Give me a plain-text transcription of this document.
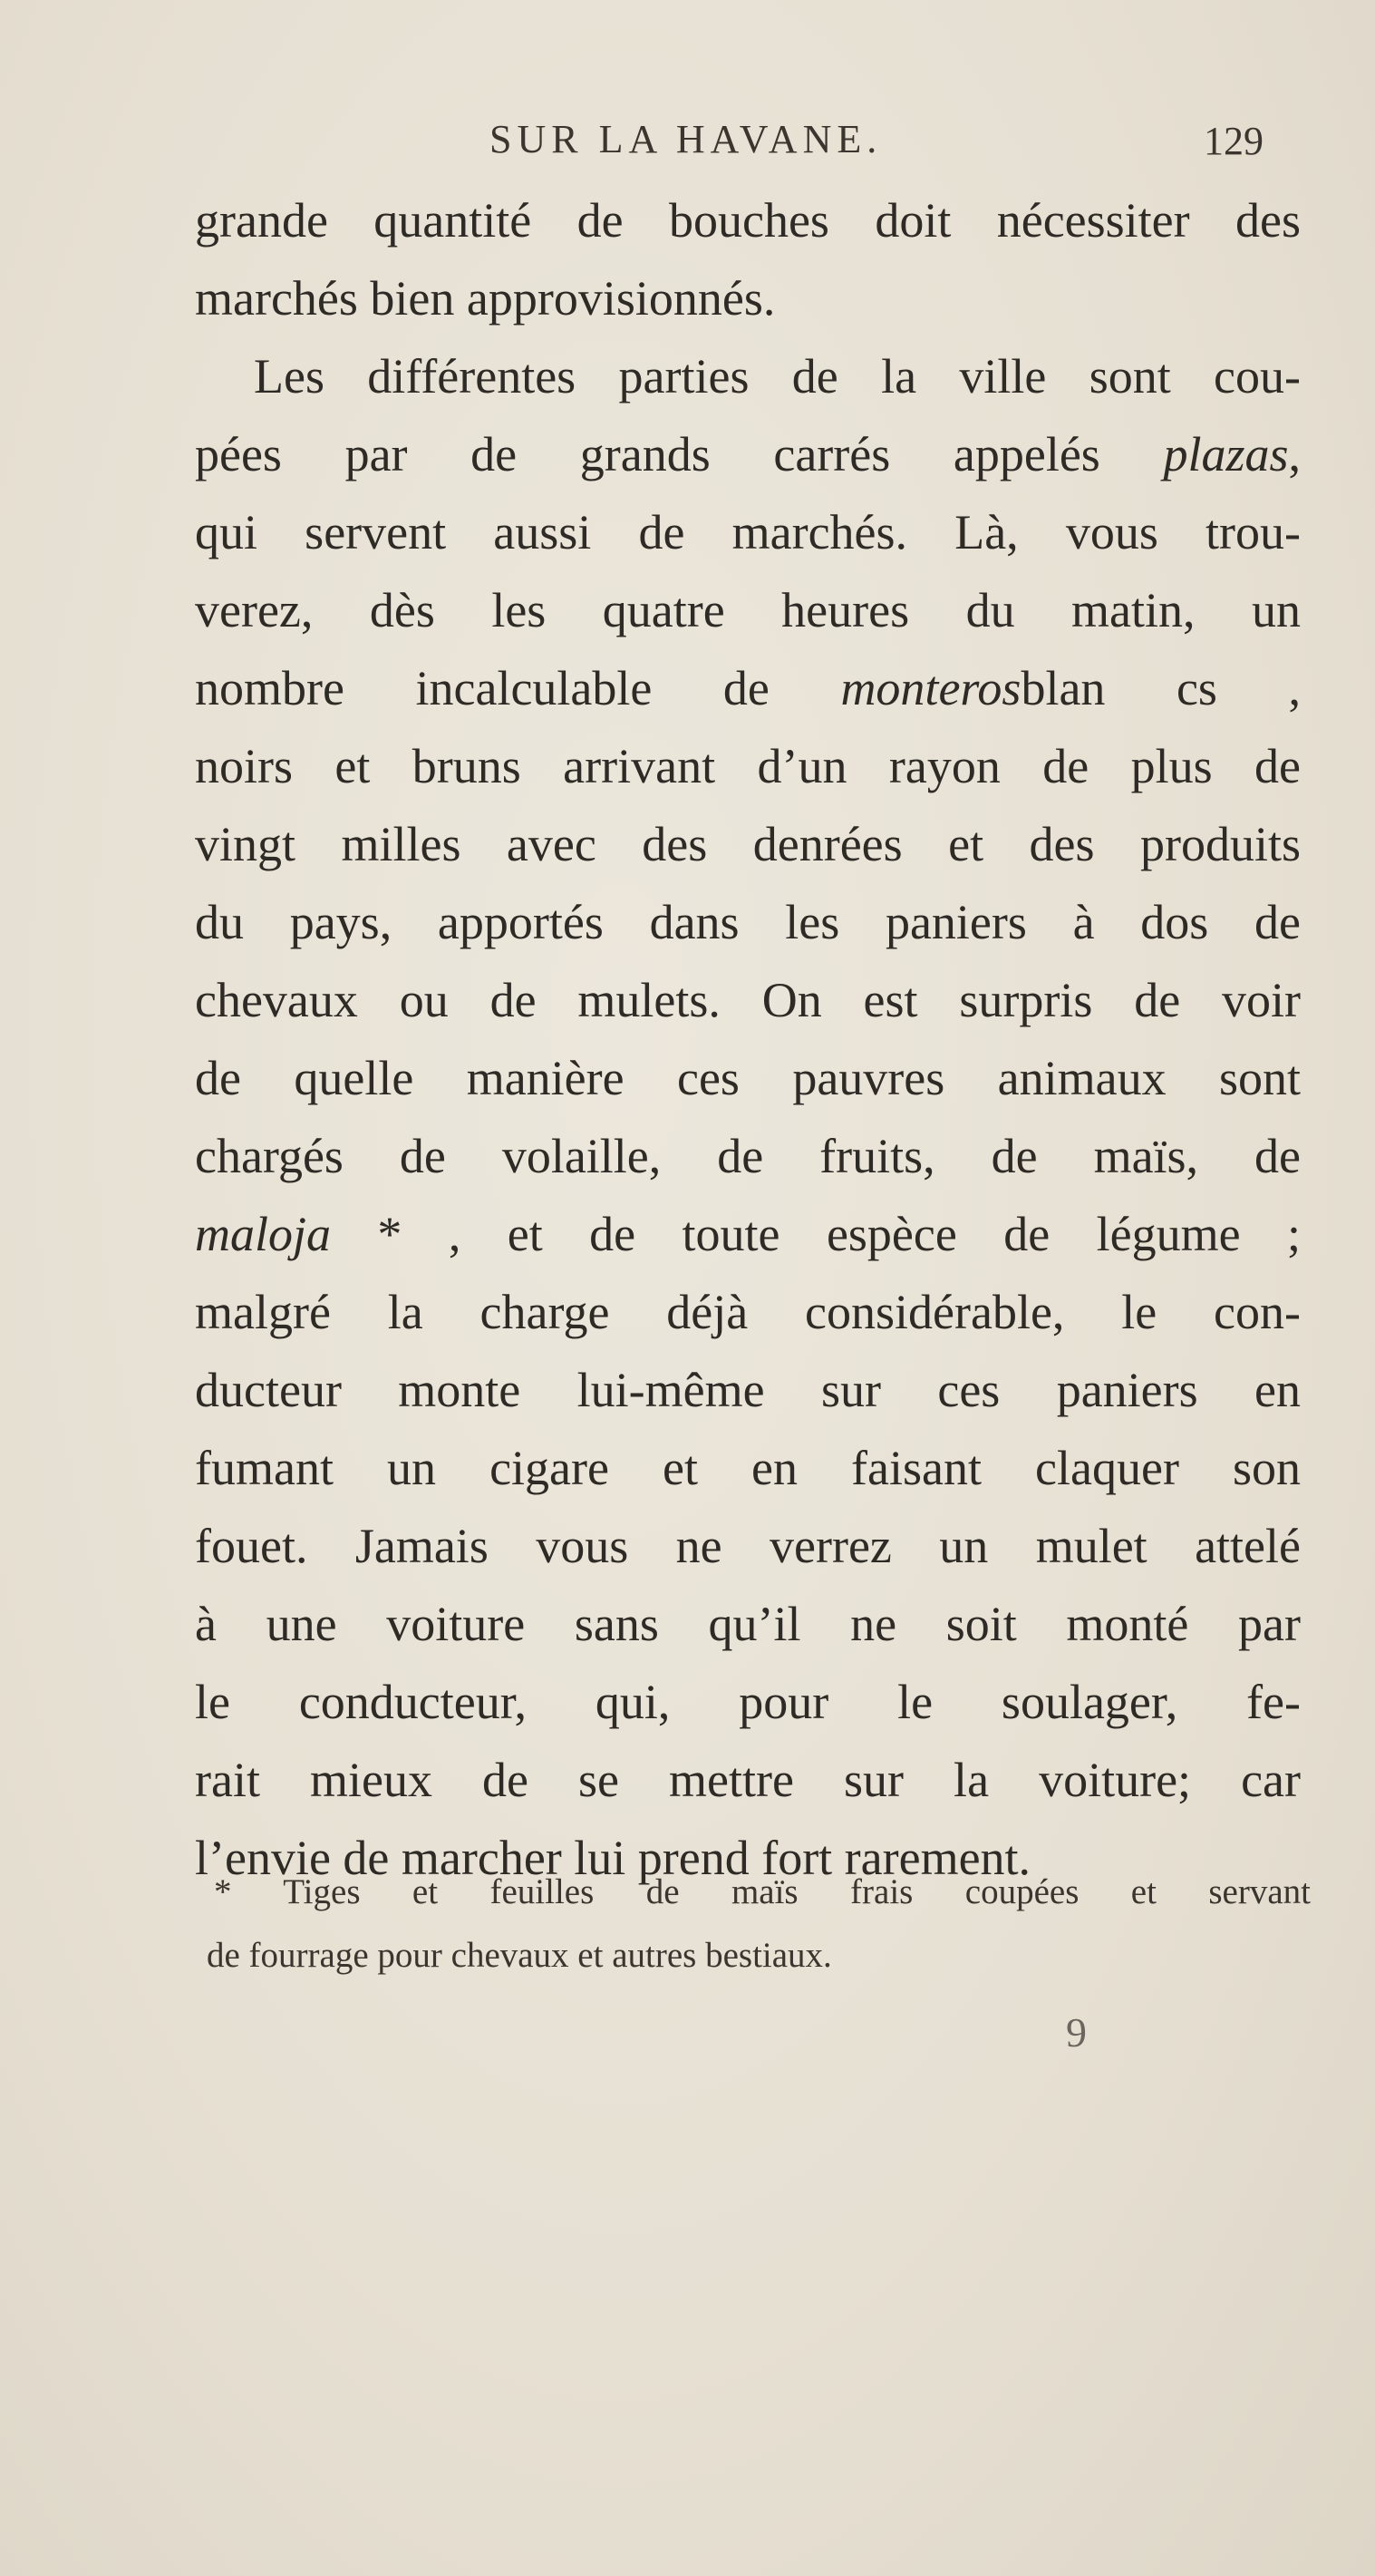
SUR LA HAVANE.	129
grande quantité de bouches doit nécessiter des
marchés bien approvisionnés.
Les différentes parties de la ville sont cou-
pées par de grands carrés appelés plazas,
qui servent aussi de marchés. Là, vous trou-
verez, dès les quatre heures du matin, un
nombre incalculable de monterosblan cs ,
noirs et bruns arrivant d’un rayon de plus de
vingt milles avec des denrées et des produits
du pays, apportés dans les paniers à dos de
chevaux ou de mulets. On est surpris de voir
de quelle manière ces pauvres animaux sont
chargés de volaille, de fruits, de maïs, de
maloja * , et de toute espèce de légume ;
malgré la charge déjà considérable, le con-
ducteur monte lui-même sur ces paniers en
fumant un cigare et en faisant claquer son
fouet. Jamais vous ne verrez un mulet attelé
à une voiture sans qu’il ne soit monté par
le conducteur, qui, pour le soulager, fe-
rait mieux de se mettre sur la voiture; car
l’envie de marcher lui prend fort rarement.
* Tiges et feuilles de maïs frais coupées et servant
de fourrage pour chevaux et autres bestiaux.
9
